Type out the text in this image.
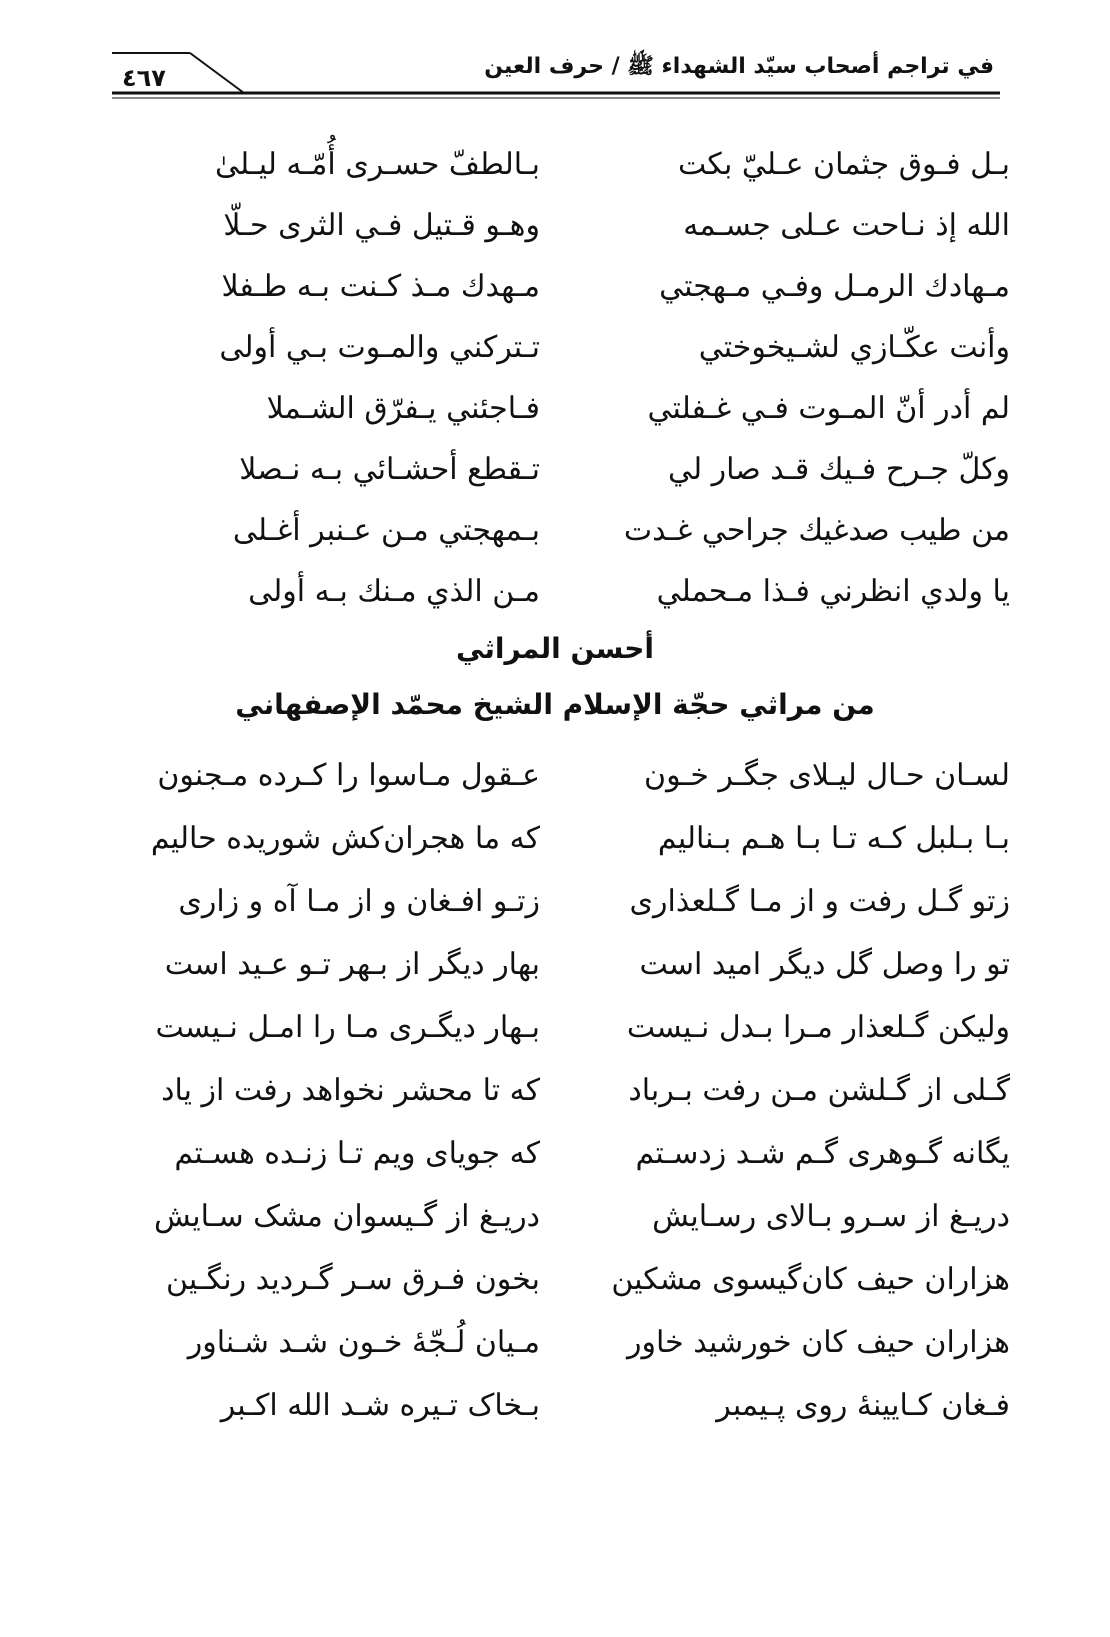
٤٦٧	في تراجم أصحاب سيّد الشهداء ﷺ / حرف العين
بـل فـوق جثمان عـليّ بكت
بـالطفّ حسـرى أُمّـه ليـلىٰ
الله إذ نـاحت عـلى جسـمه
وهـو قـتيل فـي الثرى حـلّا
مـهادك الرمـل وفـي مـهجتي
مـهدك مـذ كـنت بـه طـفلا
وأنت عكّـازي لشـيخوختي
تـتركني والمـوت بـي أولى
لم أدر أنّ المـوت فـي غـفلتي
فـاجئني يـفرّق الشـملا
وكلّ جـرح فـيك قـد صار لي
تـقطع أحشـائي بـه نـصلا
من طيب صدغيك جراحي غـدت
بـمهجتي مـن عـنبر أغـلى
يا ولدي انظرني فـذا مـحملي
مـن الذي مـنك بـه أولى
أحسن المراثي
من مراثي حجّة الإسلام الشيخ محمّد الإصفهاني
لسـان حـال ليـلای جگـر خـون
عـقول مـاسوا را كـرده مـجنون
بـا بـلبل كـه تـا بـا هـم بـناليم
كه ما هجران‌كش شوريده حاليم
زتو گـل رفت و از مـا گـلعذاری
زتـو افـغان و از مـا آه و زاری
تو را وصل گل ديگر اميد است
بهار ديگر از بـهر تـو عـيد است
وليكن گـلعذار مـرا بـدل نـيست
بـهار ديگـری مـا را امـل نـيست
گـلی از گـلشن مـن رفت بـرباد
كه تا محشر نخواهد رفت از ياد
يگانه گـوهری گـم شـد زدسـتم
كه جويای ويم تـا زنـده هسـتم
دريـغ از سـرو بـالای رسـايش
دريـغ از گـيسوان مشک سـايش
هزاران حيف كان‌گيسوی مشكين
بخون فـرق سـر گـرديد رنگـين
هزاران حيف كان خورشيد خاور
مـيان لُـجّهٔ خـون شـد شـناور
فـغان كـايينهٔ روی پـيمبر
بـخاک تـيره شـد الله اكـبر
